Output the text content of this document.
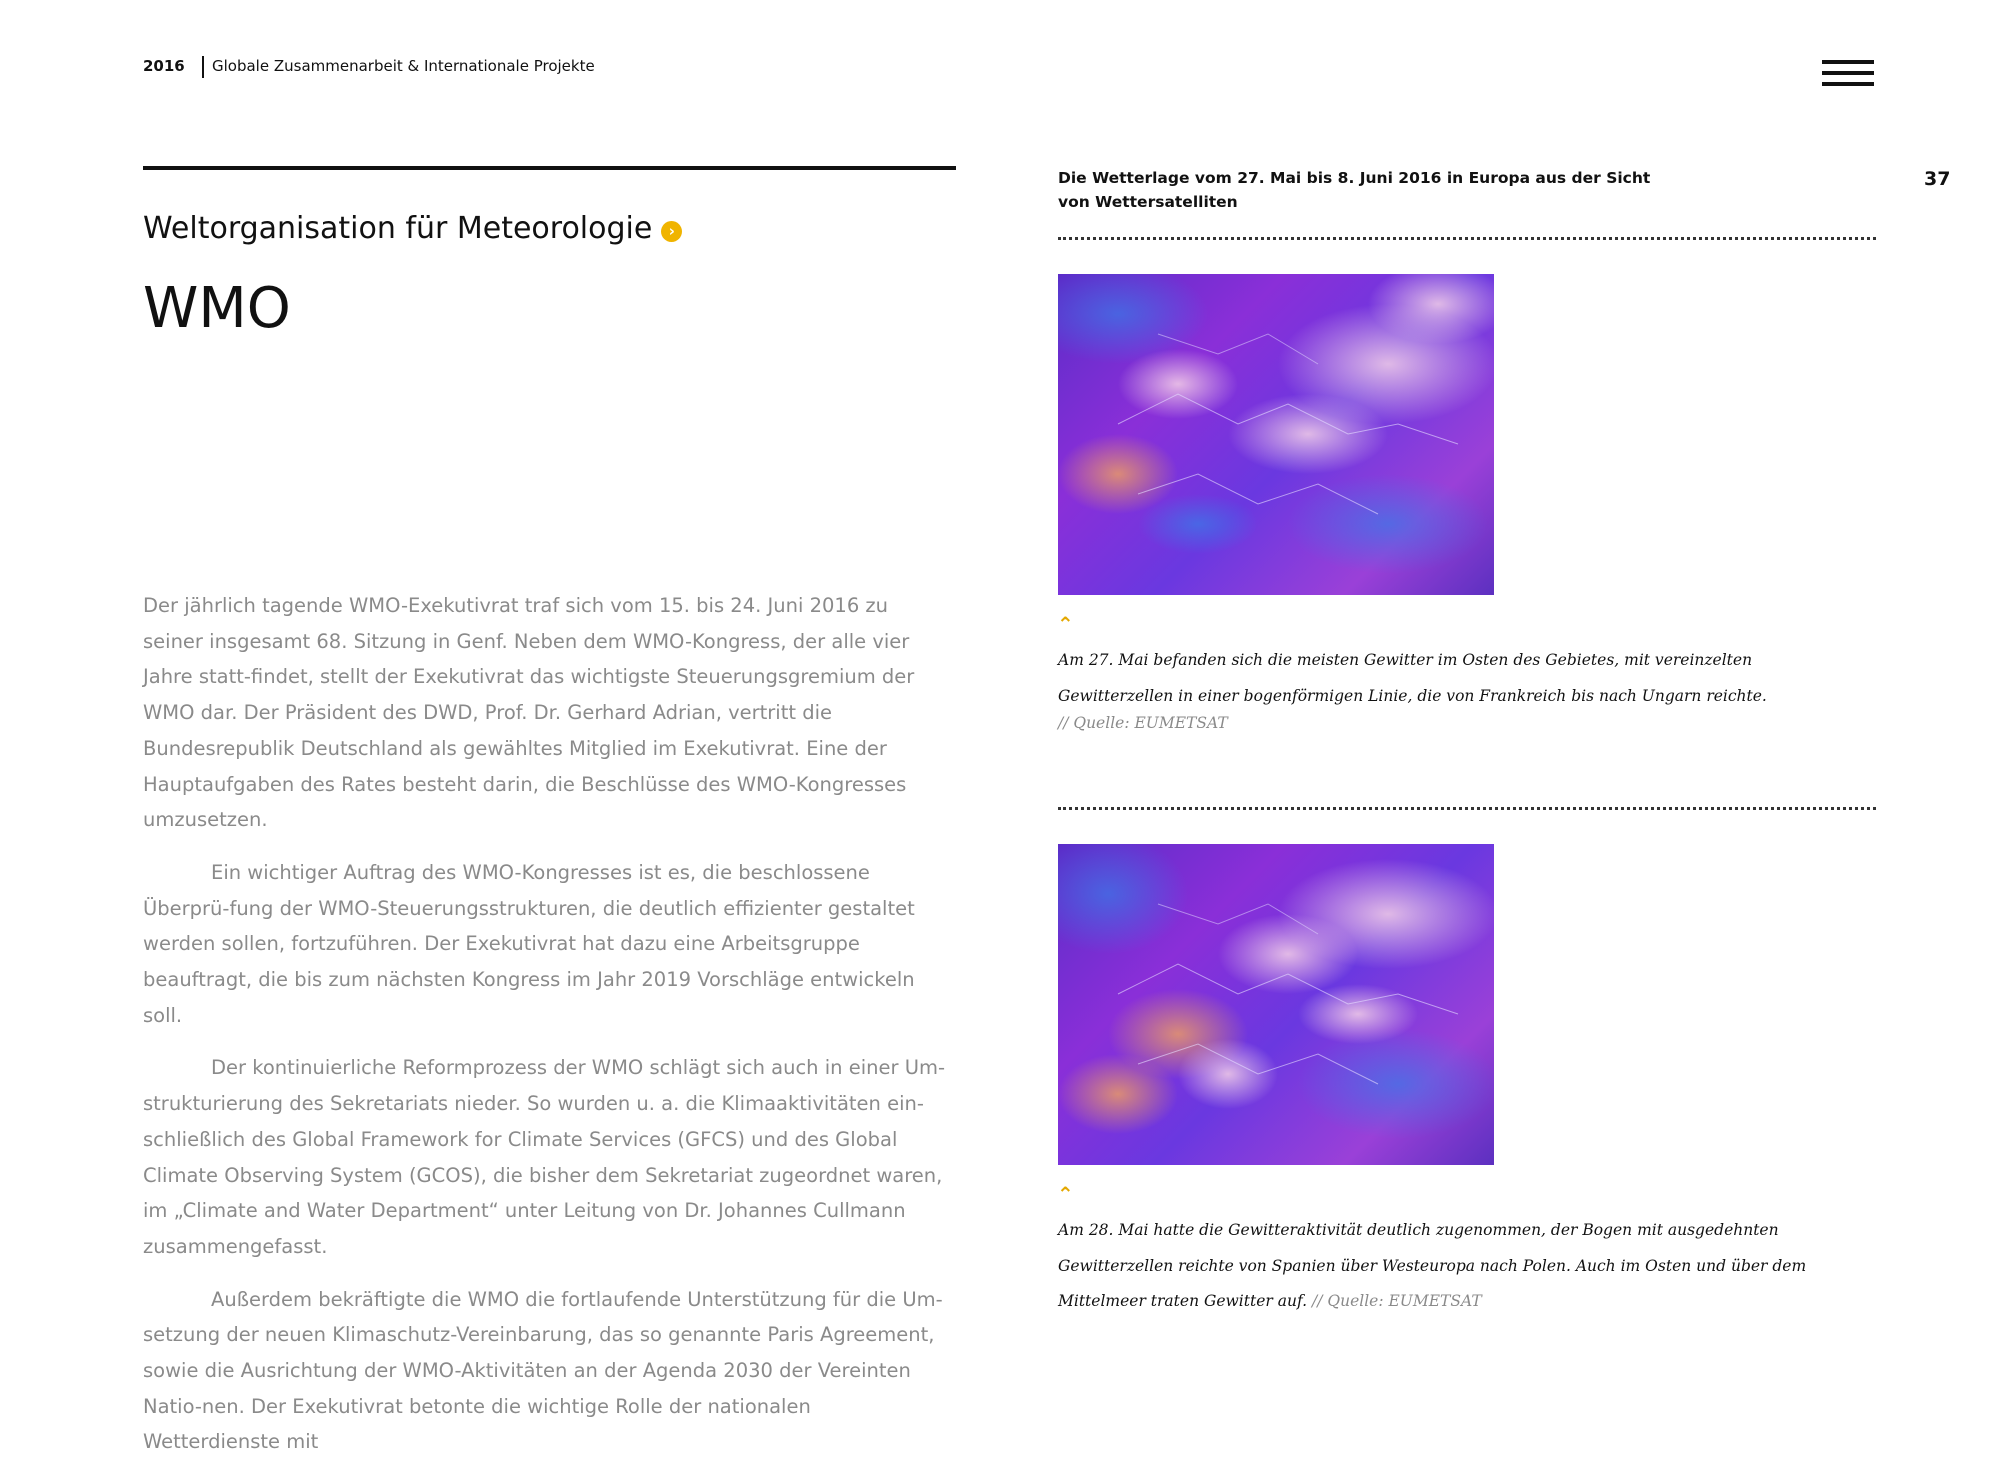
2016 Globale Zusammenarbeit & Internationale Projekte
37
Weltorganisation für Meteorologie	›
WMO

Der jährlich tagende WMO-Exekutivrat traf sich vom 15. bis 24. Juni 2016 zu seiner insgesamt 68. Sitzung in Genf. Neben dem WMO-Kongress, der alle vier Jahre statt-findet, stellt der Exekutivrat das wichtigste Steuerungsgremium der WMO dar. Der Präsident des DWD, Prof. Dr. Gerhard Adrian, vertritt die Bundesrepublik Deutschland als gewähltes Mitglied im Exekutivrat. Eine der Hauptaufgaben des Rates besteht darin, die Beschlüsse des WMO-Kongresses umzusetzen.

Ein wichtiger Auftrag des WMO-Kongresses ist es, die beschlossene Überprü-fung der WMO-Steuerungsstrukturen, die deutlich effizienter gestaltet werden sollen, fortzuführen. Der Exekutivrat hat dazu eine Arbeitsgruppe beauftragt, die bis zum nächsten Kongress im Jahr 2019 Vorschläge entwickeln soll.

Der kontinuierliche Reformprozess der WMO schlägt sich auch in einer Um-strukturierung des Sekretariats nieder. So wurden u. a. die Klimaaktivitäten ein-schließlich des Global Framework for Climate Services (GFCS) und des Global Climate Observing System (GCOS), die bisher dem Sekretariat zugeordnet waren, im „Climate and Water Department“ unter Leitung von Dr. Johannes Cullmann zusammengefasst.

Außerdem bekräftigte die WMO die fortlaufende Unterstützung für die Um-setzung der neuen Klimaschutz-Vereinbarung, das so genannte Paris Agreement, sowie die Ausrichtung der WMO-Aktivitäten an der Agenda 2030 der Vereinten Natio-nen. Der Exekutivrat betonte die wichtige Rolle der nationalen Wetterdienste mit

Die Wetterlage vom 27. Mai bis 8. Juni 2016 in Europa aus der Sicht von Wettersatelliten
⌃
Am 27. Mai befanden sich die meisten Gewitter im Osten des Gebietes, mit vereinzelten Gewitterzellen in einer bogenförmigen Linie, die von Frankreich bis nach Ungarn reichte.
// Quelle: EUMETSAT
⌃
Am 28. Mai hatte die Gewitteraktivität deutlich zugenommen, der Bogen mit ausgedehnten Gewitterzellen reichte von Spanien über Westeuropa nach Polen. Auch im Osten und über dem Mittelmeer traten Gewitter auf. // Quelle: EUMETSAT
